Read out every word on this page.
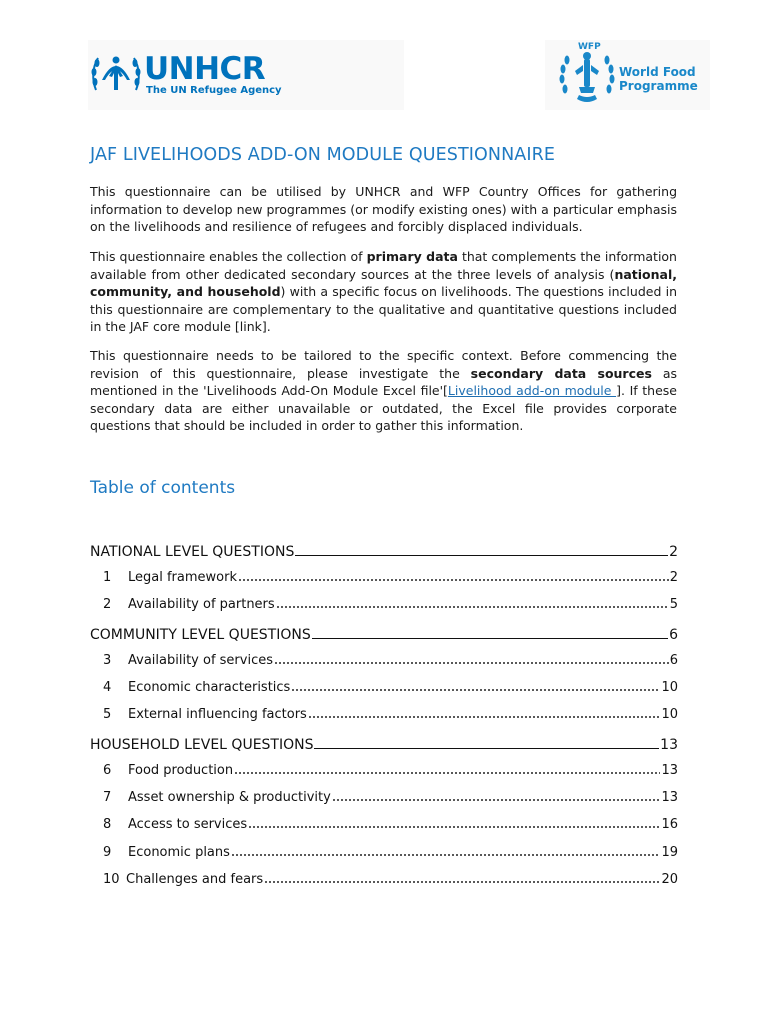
UNHCR
The UN Refugee Agency
WFP
World Food Programme
JAF LIVELIHOODS ADD-ON MODULE QUESTIONNAIRE
This questionnaire can be utilised by UNHCR and WFP Country Offices for gathering information to develop new programmes (or modify existing ones) with a particular emphasis on the livelihoods and resilience of refugees and forcibly displaced individuals.
This questionnaire enables the collection of primary data that complements the information available from other dedicated secondary sources at the three levels of analysis (national, community, and household) with a specific focus on livelihoods. The questions included in this questionnaire are complementary to the qualitative and quantitative questions included in the JAF core module [link].
This questionnaire needs to be tailored to the specific context. Before commencing the revision of this questionnaire, please investigate the secondary data sources as mentioned in the 'Livelihoods Add-On Module Excel file'[Livelihood add-on module ]. If these secondary data are either unavailable or outdated, the Excel file provides corporate questions that should be included in order to gather this information.
Table of contents
NATIONAL LEVEL QUESTIONS	2
1	Legal framework	2
2	Availability of partners	5
COMMUNITY LEVEL QUESTIONS	6
3	Availability of services	6
4	Economic characteristics	10
5	External influencing factors	10
HOUSEHOLD LEVEL QUESTIONS	13
6	Food production	13
7	Asset ownership & productivity	13
8	Access to services	16
9	Economic plans	19
10 Challenges and fears	20
